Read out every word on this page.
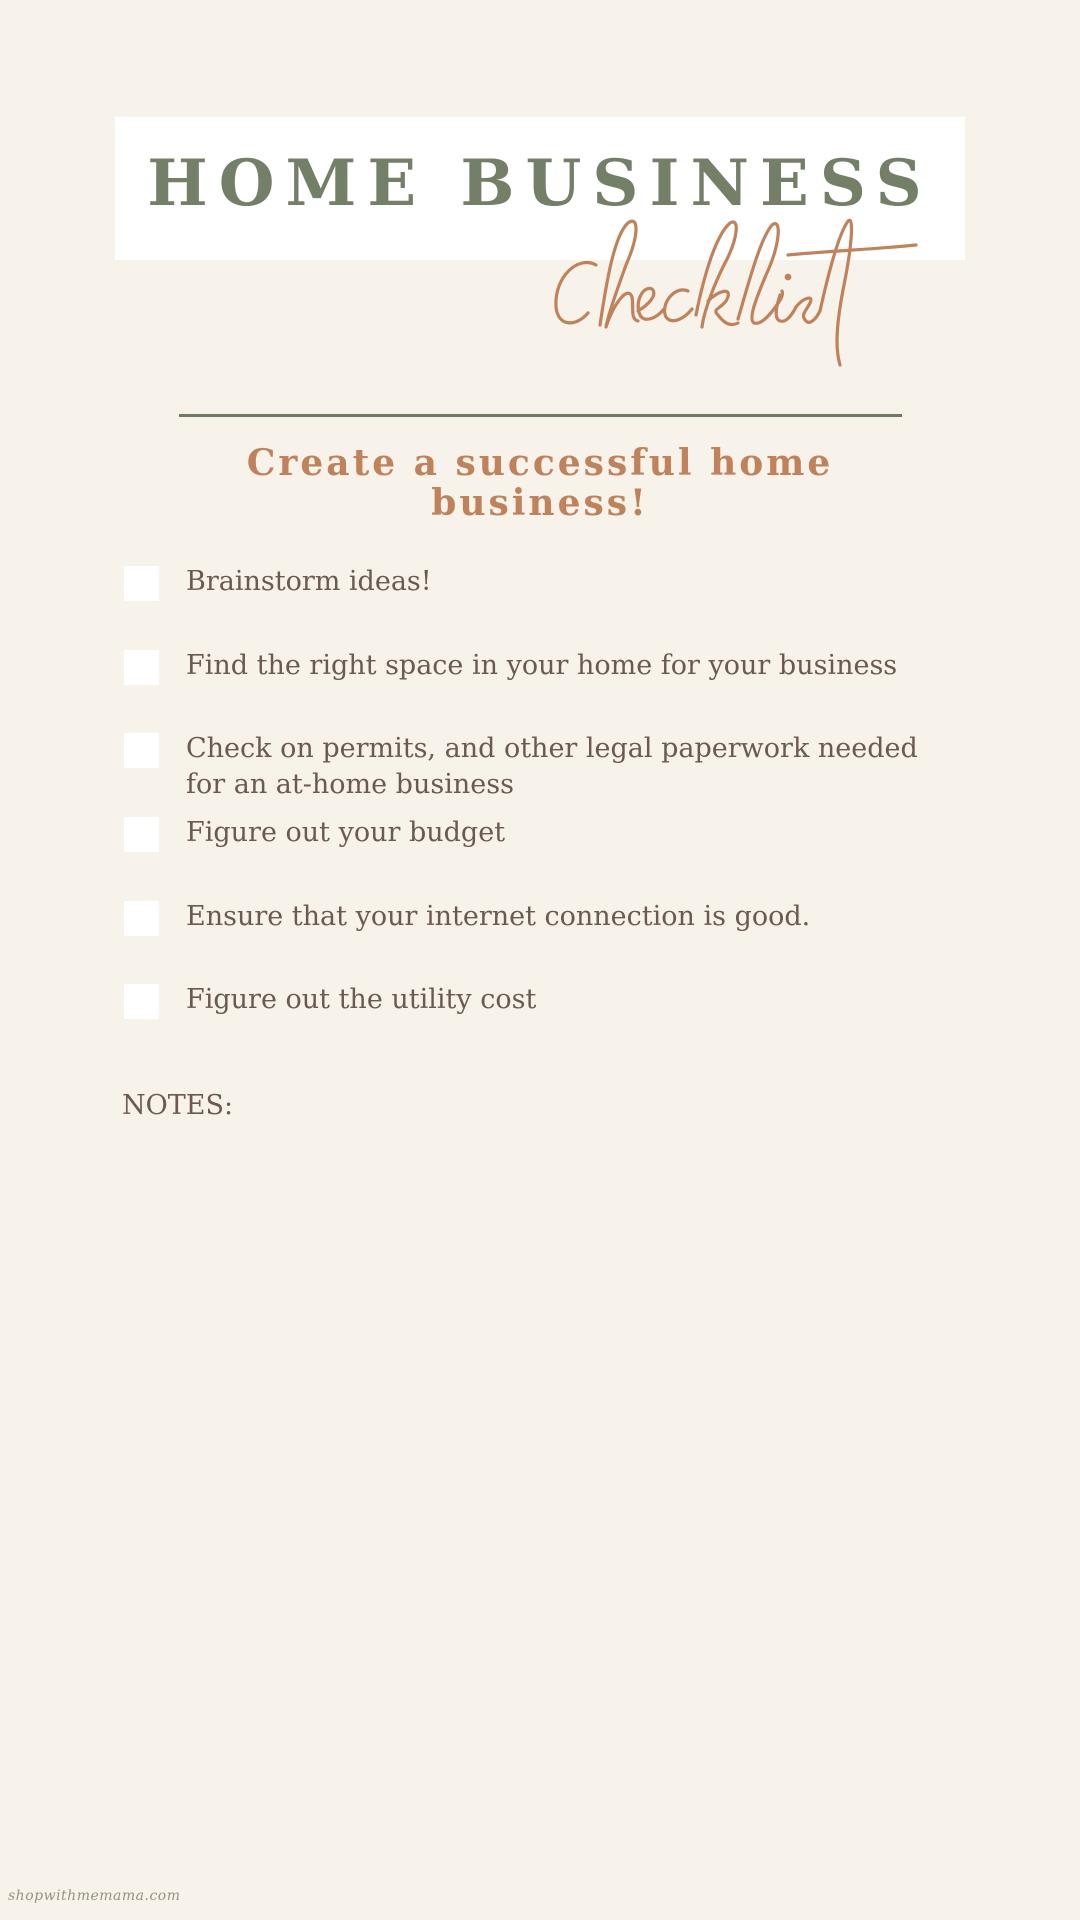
HOME BUSINESS
Create a successful home business!
Brainstorm ideas!
Find the right space in your home for your business
Check on permits, and other legal paperwork needed
for an at-home business
Figure out your budget
Ensure that your internet connection is good.
Figure out the utility cost

NOTES:

shopwithmemama.com
